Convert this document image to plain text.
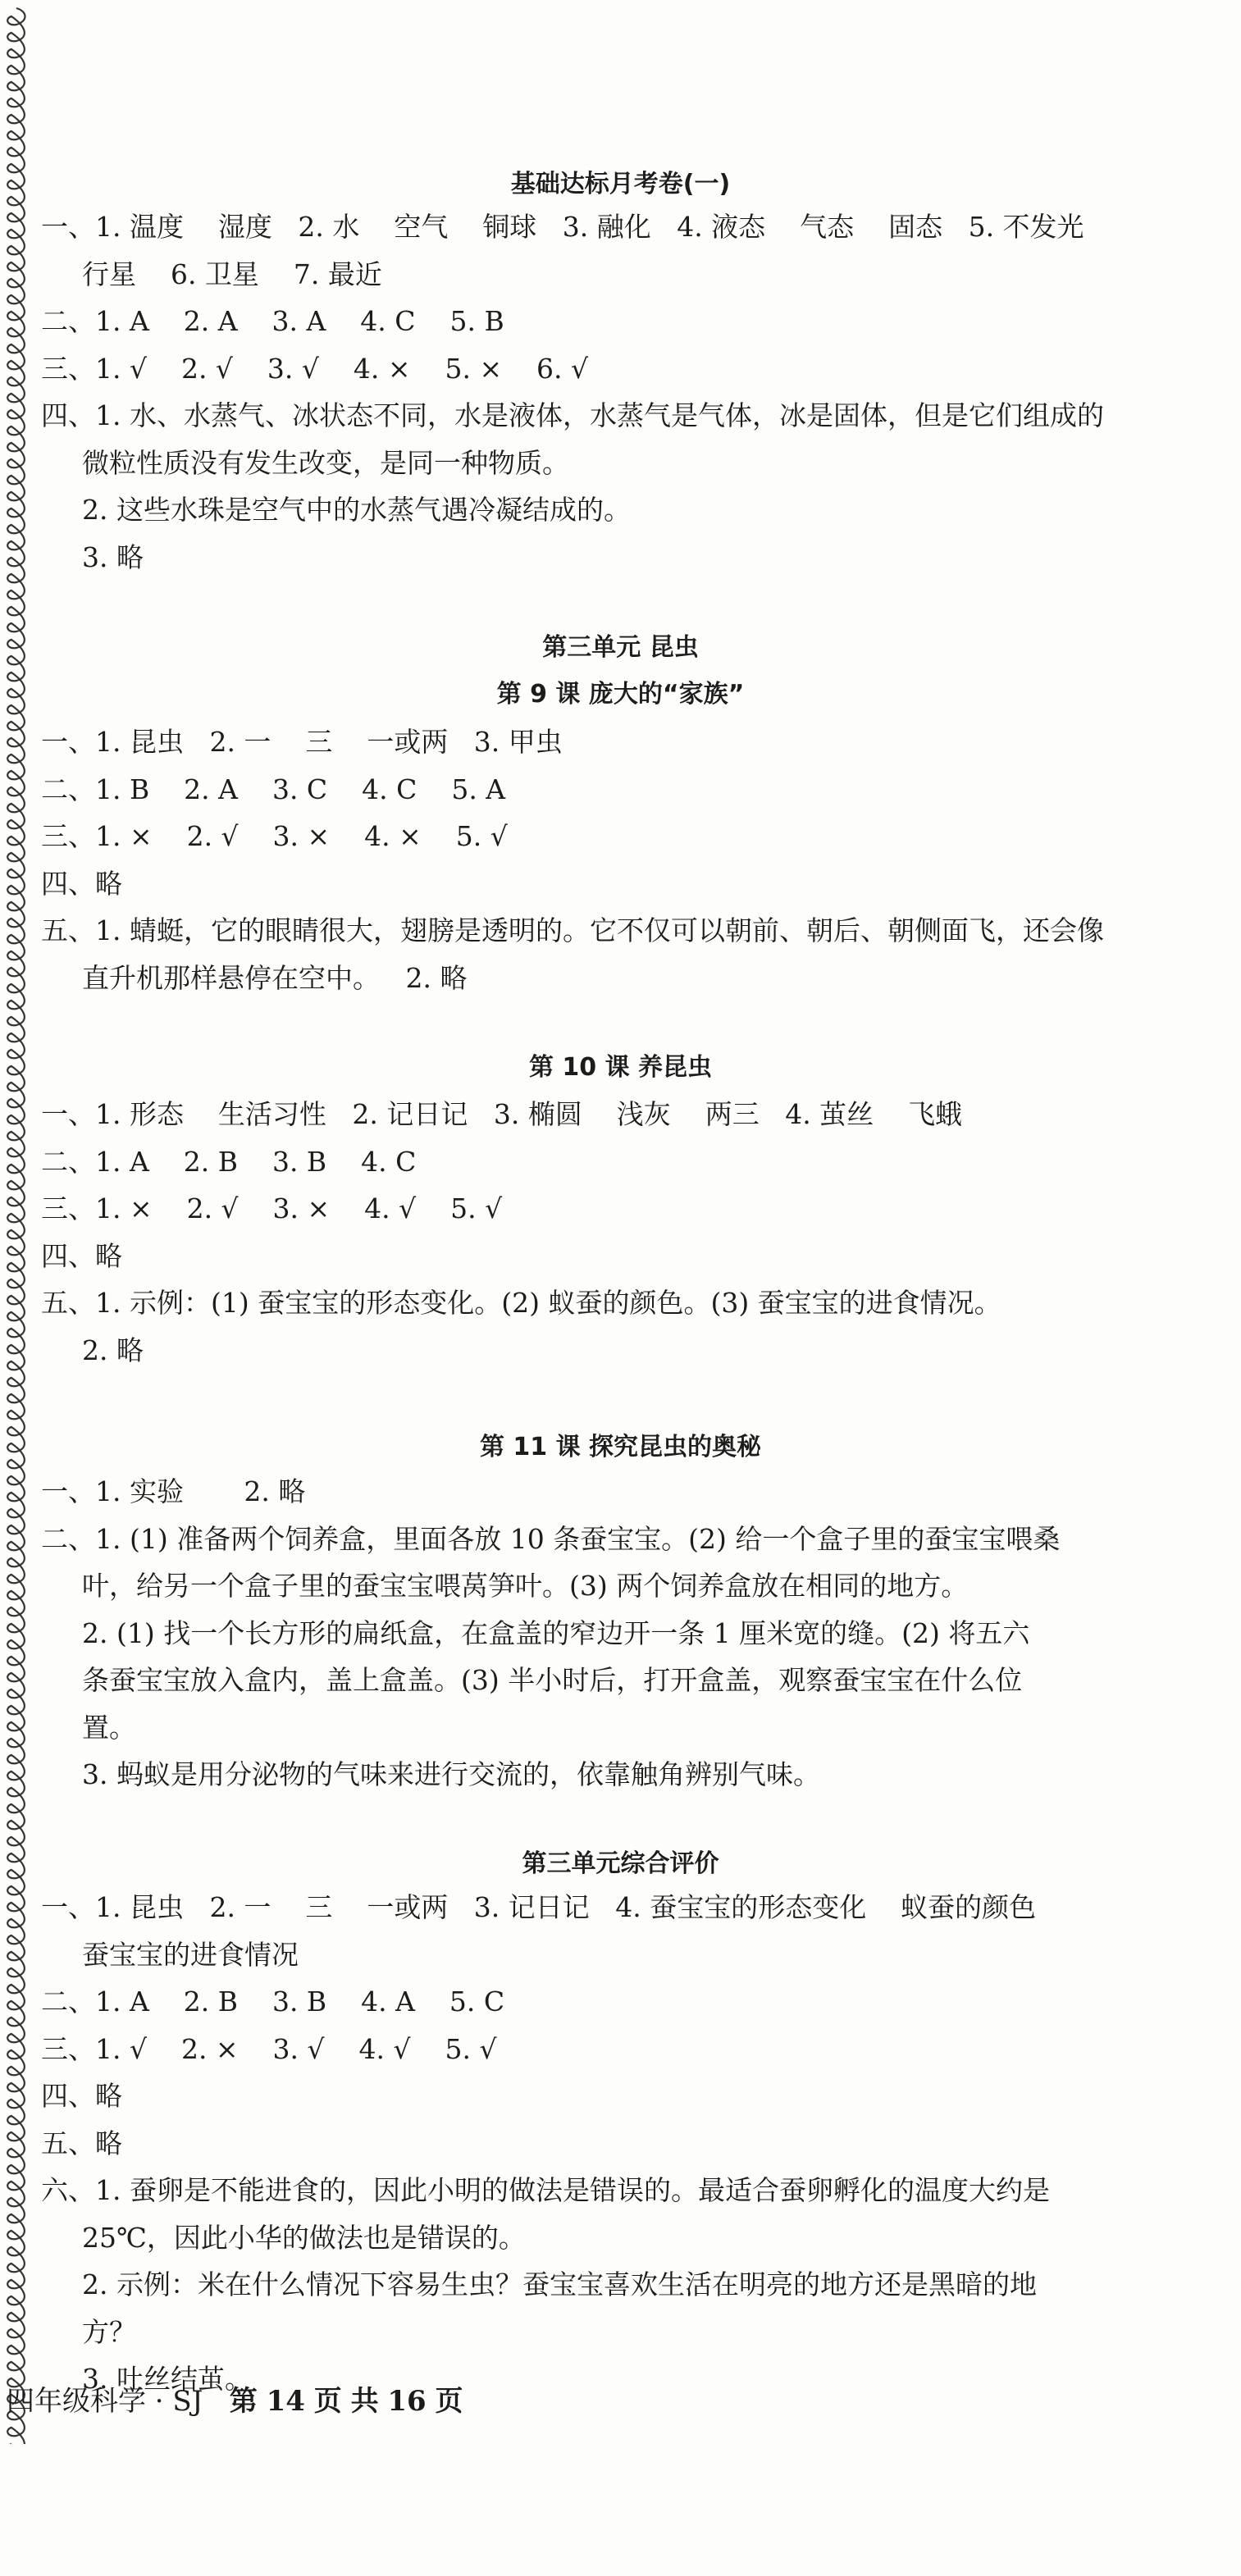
基础达标月考卷(一)
一、1. 温度    湿度   2. 水    空气    铜球   3. 融化   4. 液态    气态    固态   5. 不发光
行星    6. 卫星    7. 最近
二、1. A    2. A    3. A    4. C    5. B
三、1. √    2. √    3. √    4. ×    5. ×    6. √
四、1. 水、水蒸气、冰状态不同，水是液体，水蒸气是气体，冰是固体，但是它们组成的
微粒性质没有发生改变，是同一种物质。
2. 这些水珠是空气中的水蒸气遇冷凝结成的。
3. 略
第三单元 昆虫
第 9 课 庞大的“家族”
一、1. 昆虫   2. 一    三    一或两   3. 甲虫
二、1. B    2. A    3. C    4. C    5. A
三、1. ×    2. √    3. ×    4. ×    5. √
四、略
五、1. 蜻蜓，它的眼睛很大，翅膀是透明的。它不仅可以朝前、朝后、朝侧面飞，还会像
直升机那样悬停在空中。   2. 略
第 10 课 养昆虫
一、1. 形态    生活习性   2. 记日记   3. 椭圆    浅灰    两三   4. 茧丝    飞蛾
二、1. A    2. B    3. B    4. C
三、1. ×    2. √    3. ×    4. √    5. √
四、略
五、1. 示例：(1) 蚕宝宝的形态变化。(2) 蚁蚕的颜色。(3) 蚕宝宝的进食情况。
2. 略
第 11 课 探究昆虫的奥秘
一、1. 实验       2. 略
二、1. (1) 准备两个饲养盒，里面各放 10 条蚕宝宝。(2) 给一个盒子里的蚕宝宝喂桑
叶，给另一个盒子里的蚕宝宝喂莴笋叶。(3) 两个饲养盒放在相同的地方。
2. (1) 找一个长方形的扁纸盒，在盒盖的窄边开一条 1 厘米宽的缝。(2) 将五六
条蚕宝宝放入盒内，盖上盒盖。(3) 半小时后，打开盒盖，观察蚕宝宝在什么位
置。
3. 蚂蚁是用分泌物的气味来进行交流的，依靠触角辨别气味。
第三单元综合评价
一、1. 昆虫   2. 一    三    一或两   3. 记日记   4. 蚕宝宝的形态变化    蚁蚕的颜色
蚕宝宝的进食情况
二、1. A    2. B    3. B    4. A    5. C
三、1. √    2. ×    3. √    4. √    5. √
四、略
五、略
六、1. 蚕卵是不能进食的，因此小明的做法是错误的。最适合蚕卵孵化的温度大约是
25℃，因此小华的做法也是错误的。
2. 示例：米在什么情况下容易生虫？蚕宝宝喜欢生活在明亮的地方还是黑暗的地
方？
3. 吐丝结茧。
四年级科学 · SJ 第 14 页 共 16 页
